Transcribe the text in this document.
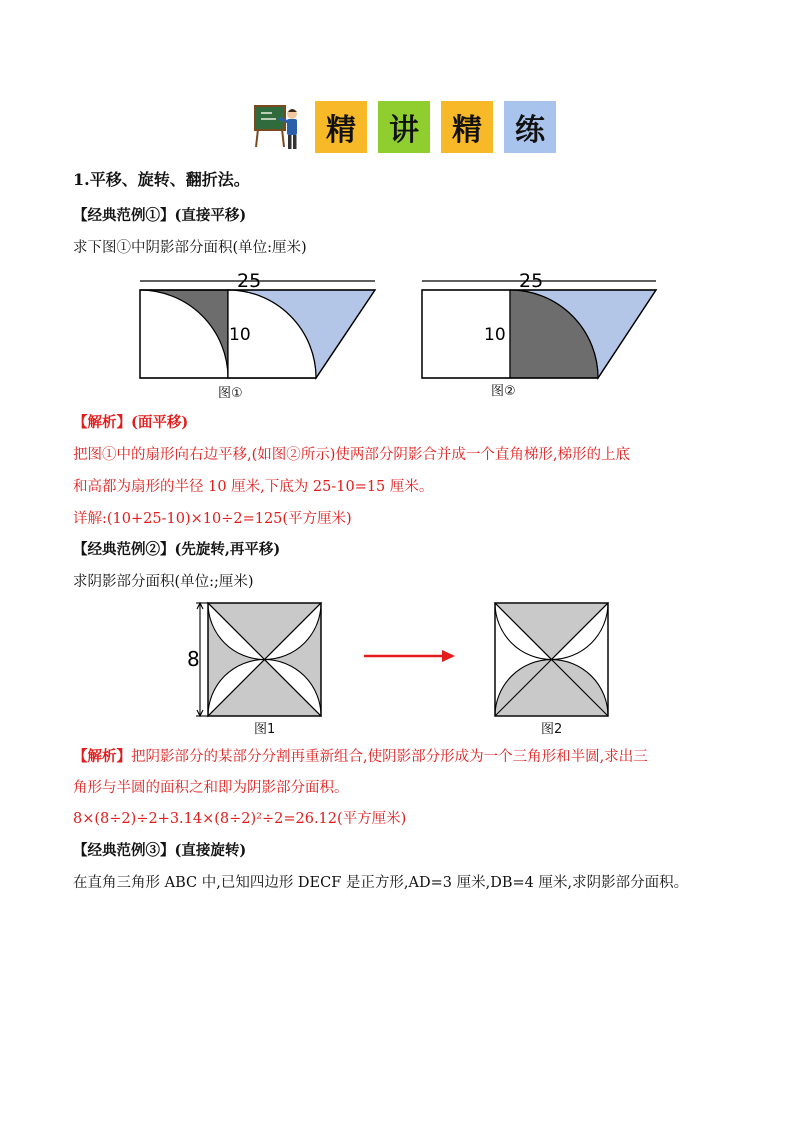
精 讲 精 练
1.平移、旋转、翻折法。
【经典范例①】(直接平移)
求下图①中阴影部分面积(单位:厘米)
25
10
图①
25
10
图②
【解析】(面平移)
把图①中的扇形向右边平移,(如图②所示)使两部分阴影合并成一个直角梯形,梯形的上底
和高都为扇形的半径 10 厘米,下底为 25-10=15 厘米。
详解:(10+25-10)×10÷2=125(平方厘米)
【经典范例②】(先旋转,再平移)
求阴影部分面积(单位:;厘米)
8
图1	图2
【解析】把阴影部分的某部分分割再重新组合,使阴影部分形成为一个三角形和半圆,求出三
角形与半圆的面积之和即为阴影部分面积。
8×(8÷2)÷2+3.14×(8÷2)²÷2=26.12(平方厘米)
【经典范例③】(直接旋转)
在直角三角形 ABC 中,已知四边形 DECF 是正方形,AD=3 厘米,DB=4 厘米,求阴影部分面积。
